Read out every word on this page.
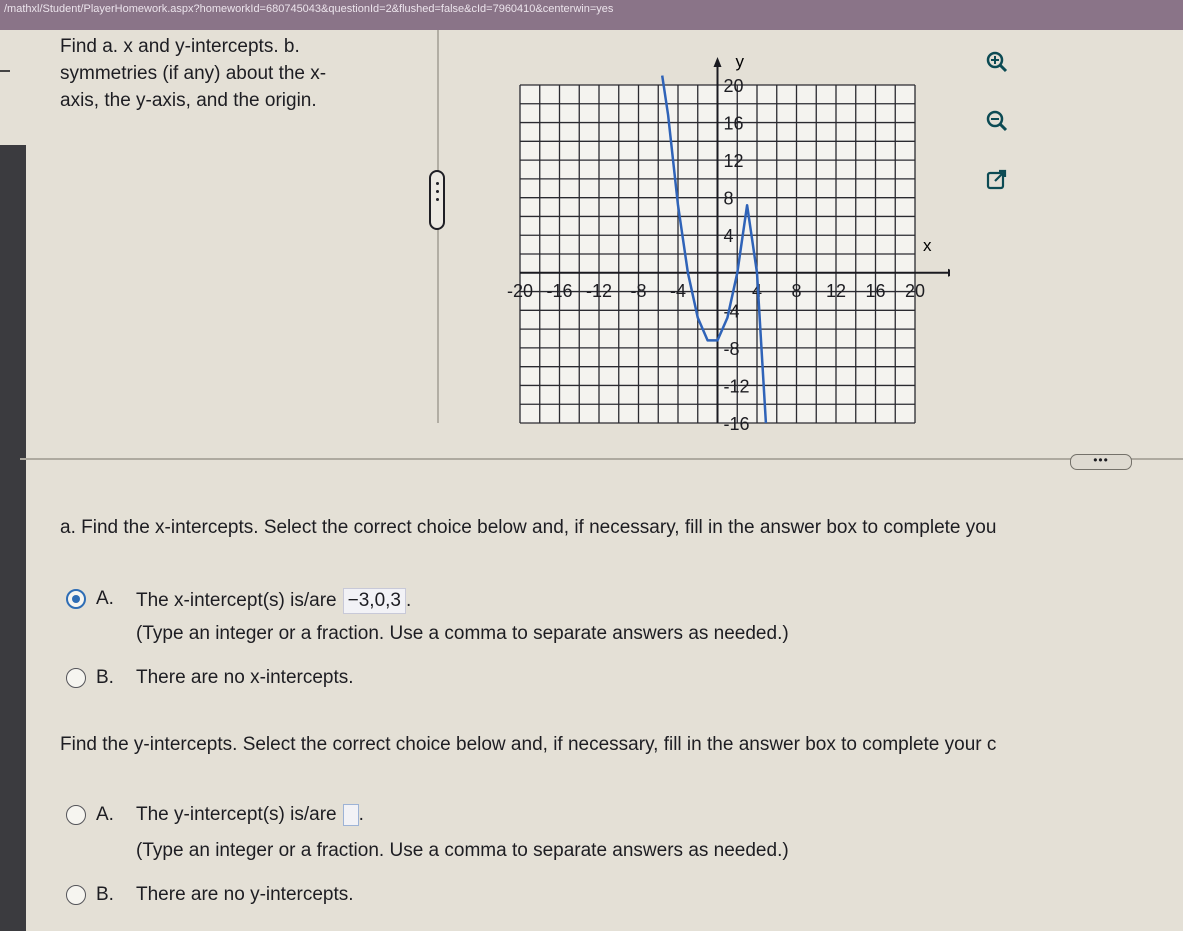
/mathxl/Student/PlayerHomework.aspx?homeworkId=680745043&questionId=2&flushed=false&cId=7960410&centerwin=yes
Find a. x and y-intercepts. b. symmetries (if any) about the x-axis, the y-axis, and the origin.
-20 -16 -12 -8 -4	4 8 12 16 20
20
16
12
8
4
-4
-8
-12
-16
x
y
•••
a. Find the x-intercepts. Select the correct choice below and, if necessary, fill in the answer box to complete you
A. The x-intercept(s) is/are −3,0,3 .
(Type an integer or a fraction. Use a comma to separate answers as needed.)
B. There are no x-intercepts.
Find the y-intercepts. Select the correct choice below and, if necessary, fill in the answer box to complete your c
A. The y-intercept(s) is/are .
(Type an integer or a fraction. Use a comma to separate answers as needed.)
B. There are no y-intercepts.
